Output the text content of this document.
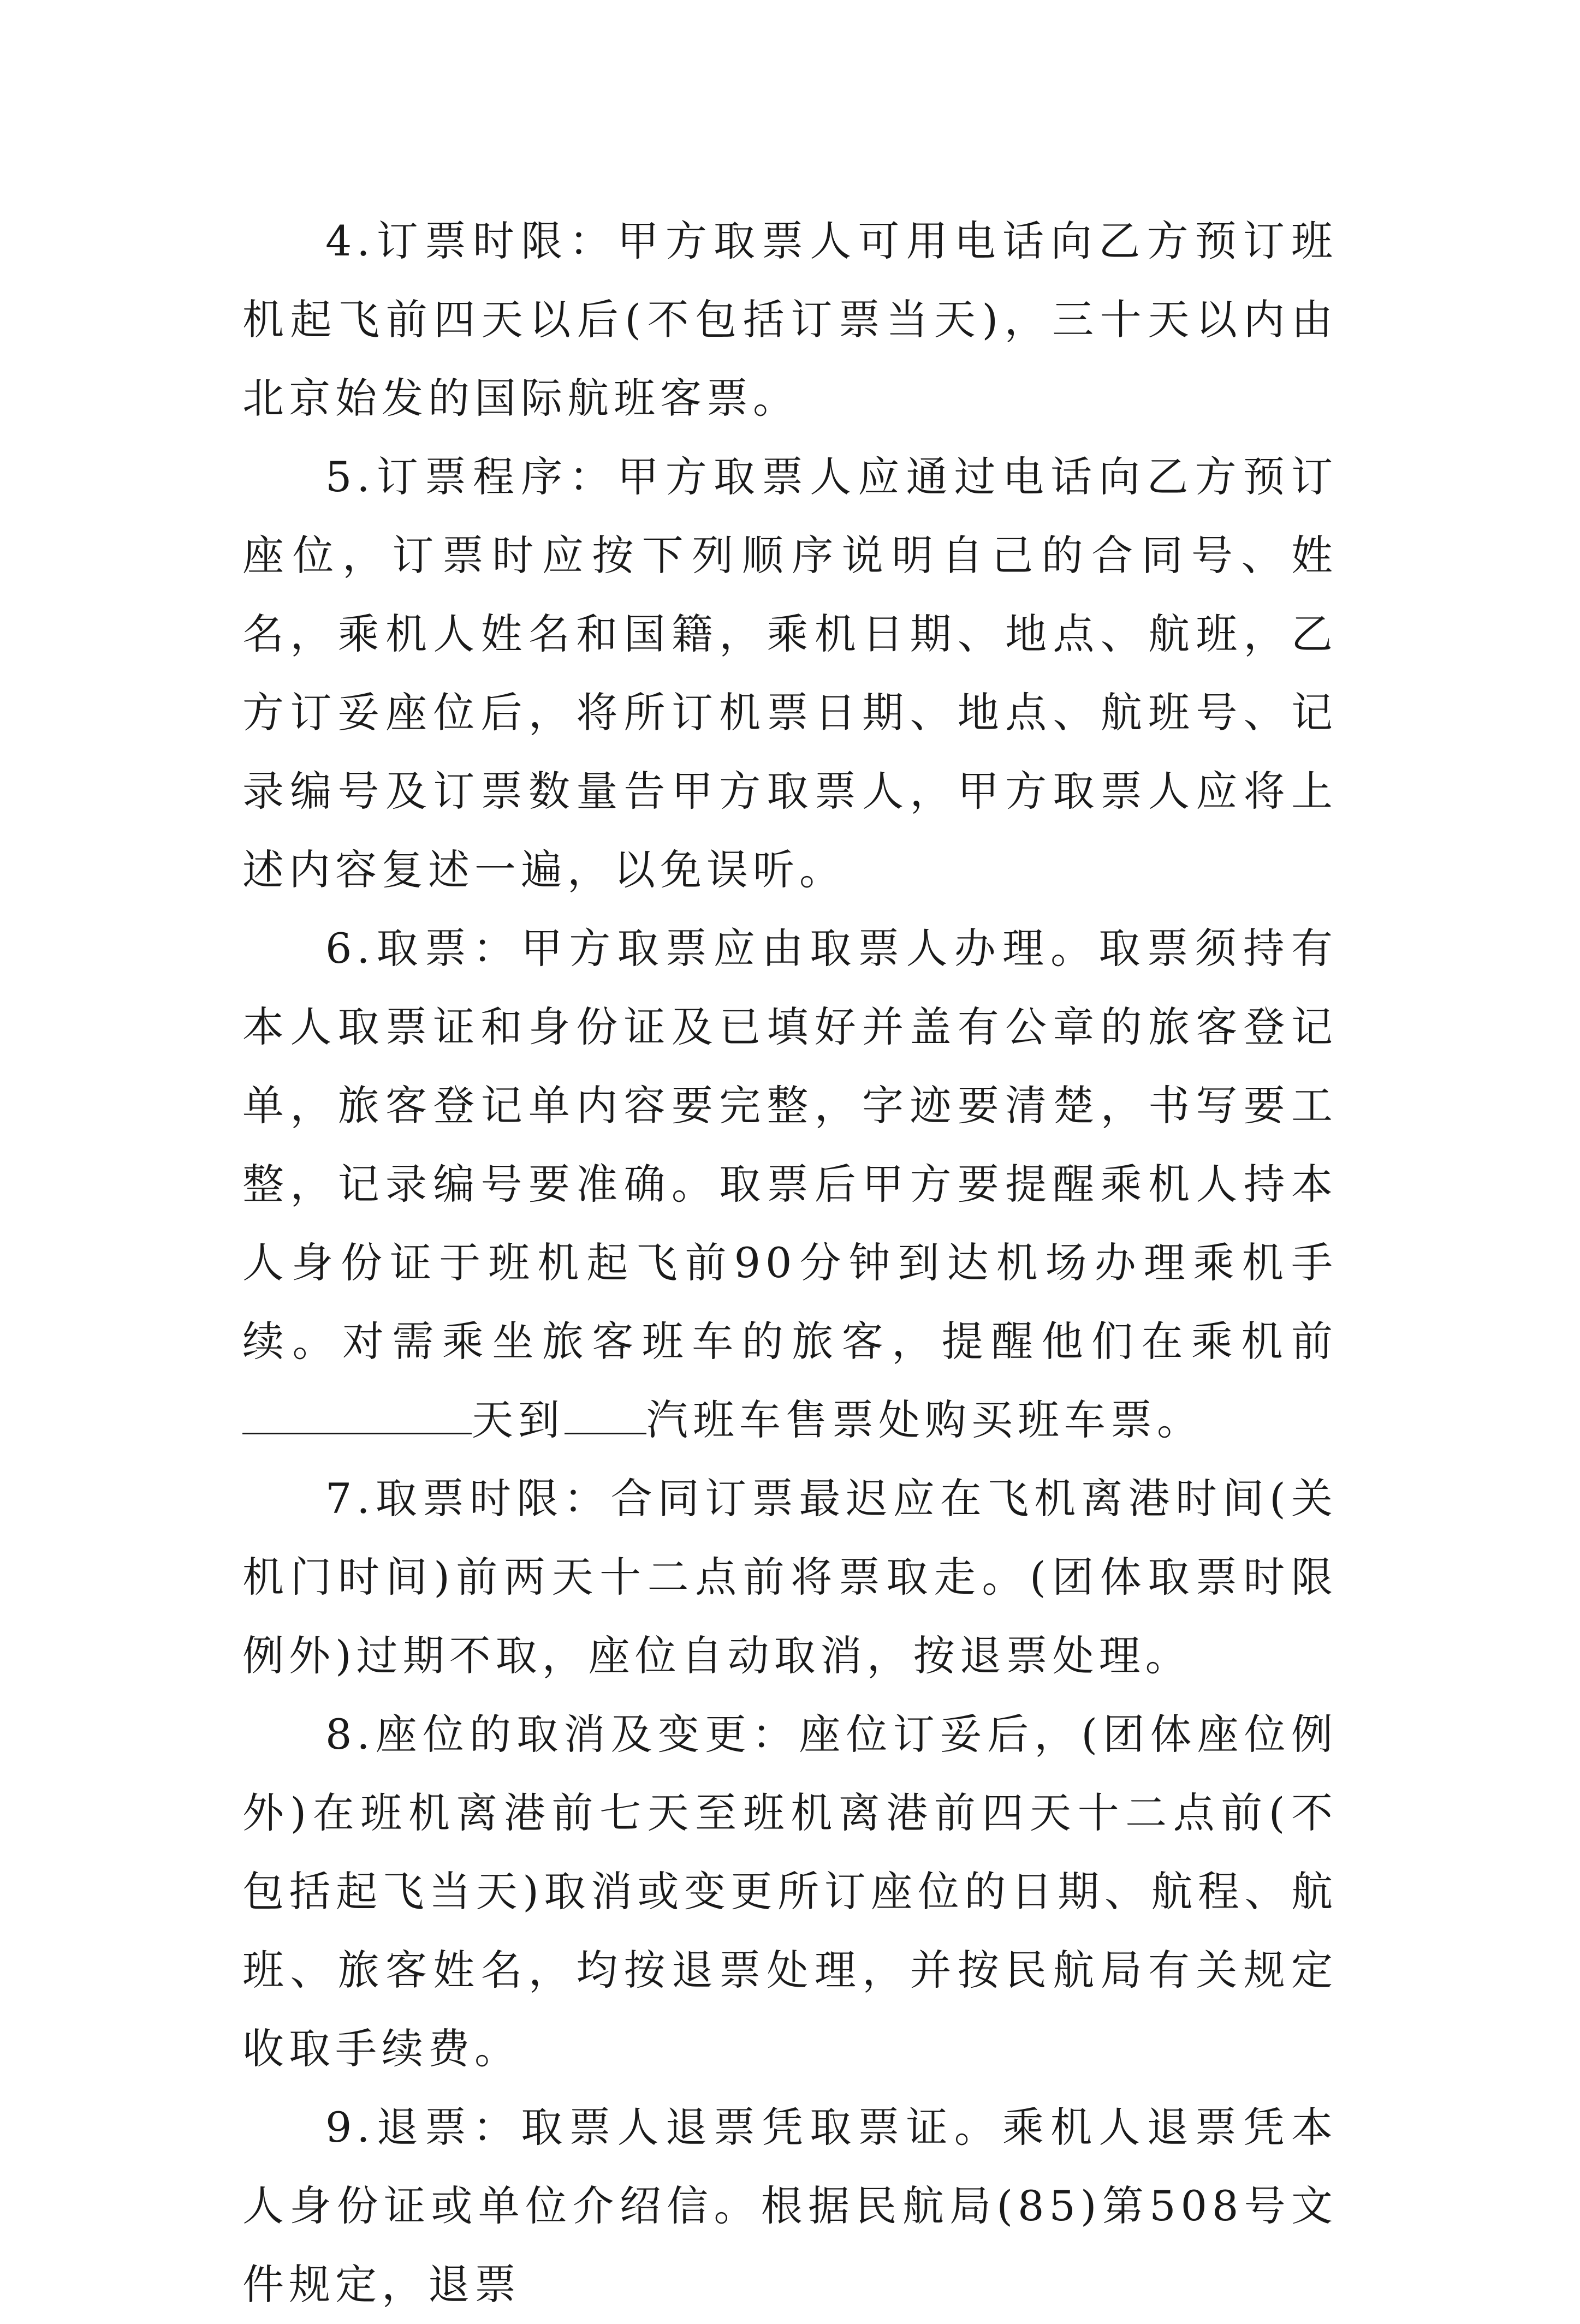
4.订票时限：甲方取票人可用电话向乙方预订班机起飞前四天以后(不包括订票当天)，三十天以内由北京始发的国际航班客票。

5.订票程序：甲方取票人应通过电话向乙方预订座位，订票时应按下列顺序说明自己的合同号、姓名，乘机人姓名和国籍，乘机日期、地点、航班，乙方订妥座位后，将所订机票日期、地点、航班号、记录编号及订票数量告甲方取票人，甲方取票人应将上述内容复述一遍，以免误听。

6.取票：甲方取票应由取票人办理。取票须持有本人取票证和身份证及已填好并盖有公章的旅客登记单，旅客登记单内容要完整，字迹要清楚，书写要工整，记录编号要准确。取票后甲方要提醒乘机人持本人身份证于班机起飞前90分钟到达机场办理乘机手续。对需乘坐旅客班车的旅客，提醒他们在乘机前天到 汽班车售票处购买班车票。

7.取票时限：合同订票最迟应在飞机离港时间(关机门时间)前两天十二点前将票取走。(团体取票时限例外)过期不取，座位自动取消，按退票处理。

8.座位的取消及变更：座位订妥后，(团体座位例外)在班机离港前七天至班机离港前四天十二点前(不包括起飞当天)取消或变更所订座位的日期、航程、航班、旅客姓名，均按退票处理，并按民航局有关规定收取手续费。

9.退票：取票人退票凭取票证。乘机人退票凭本人身份证或单位介绍信。根据民航局(85)第508号文件规定，退票
